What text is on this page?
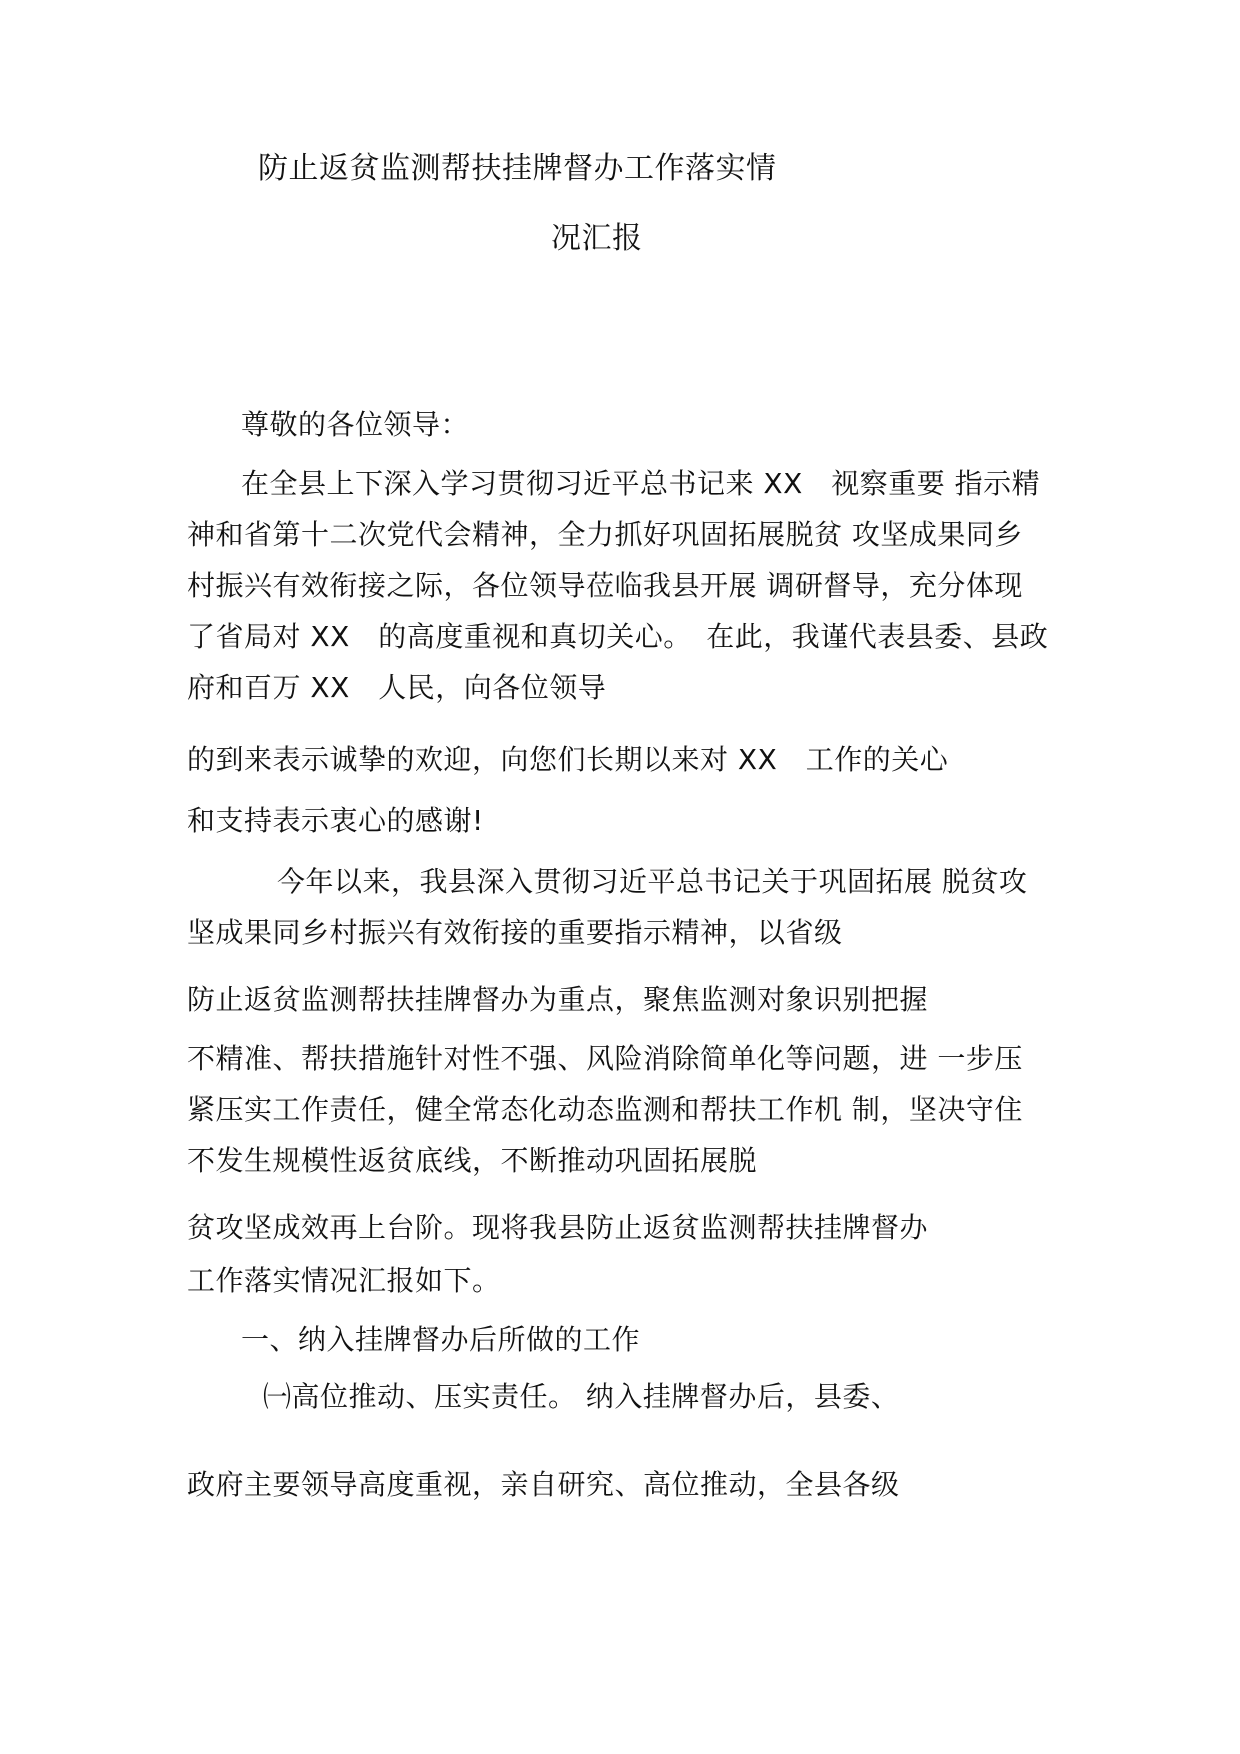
防止返贫监测帮扶挂牌督办工作落实情
况汇报
尊敬的各位领导：
在全县上下深入学习贯彻习近平总书记来 XX　视察重要 指示精
神和省第十二次党代会精神，全力抓好巩固拓展脱贫 攻坚成果同乡
村振兴有效衔接之际，各位领导莅临我县开展 调研督导，充分体现
了省局对 XX　的高度重视和真切关心。　在此，我谨代表县委、县政
府和百万 XX　人民，向各位领导
的到来表示诚挚的欢迎，向您们长期以来对 XX　工作的关心
和支持表示衷心的感谢!
今年以来，我县深入贯彻习近平总书记关于巩固拓展 脱贫攻
坚成果同乡村振兴有效衔接的重要指示精神，以省级
防止返贫监测帮扶挂牌督办为重点，聚焦监测对象识别把握
不精准、帮扶措施针对性不强、风险消除简单化等问题，进 一步压
紧压实工作责任，健全常态化动态监测和帮扶工作机 制，坚决守住
不发生规模性返贫底线，不断推动巩固拓展脱
贫攻坚成效再上台阶。现将我县防止返贫监测帮扶挂牌督办
工作落实情况汇报如下。
一、纳入挂牌督办后所做的工作
㈠高位推动、压实责任。 纳入挂牌督办后，县委、
政府主要领导高度重视，亲自研究、高位推动，全县各级
